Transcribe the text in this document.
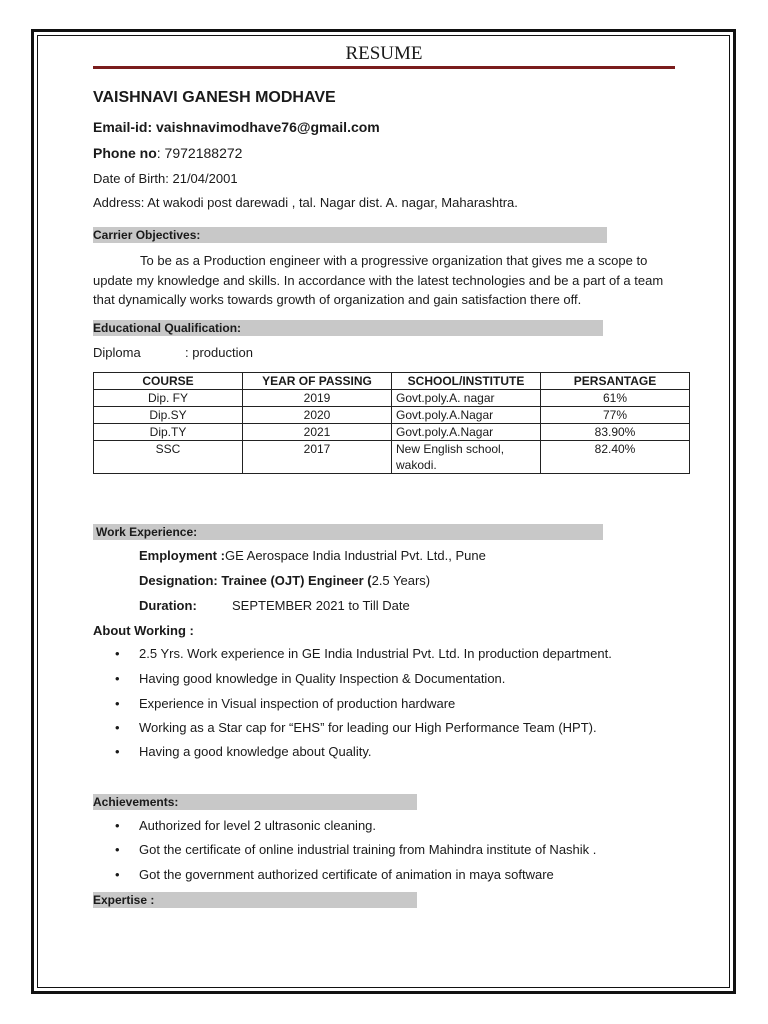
RESUME
VAISHNAVI GANESH MODHAVE
Email-id: vaishnavimodhave76@gmail.com
Phone no: 7972188272
Date of Birth: 21/04/2001
Address: At wakodi post darewadi , tal. Nagar dist. A. nagar, Maharashtra.
Carrier Objectives:
To be as a Production engineer with a progressive organization that gives me a scope to update my knowledge and skills. In accordance with the latest technologies and be a part of a team that dynamically works towards growth of organization and gain satisfaction there off.
Educational Qualification:
Diploma	: production
COURSE	YEAR OF PASSING	SCHOOL/INSTITUTE	PERSANTAGE
Dip. FY	2019	Govt.poly.A. nagar	61%
Dip.SY	2020	Govt.poly.A.Nagar	77%
Dip.TY	2021	Govt.poly.A.Nagar	83.90%
SSC	2017	New English school, wakodi.	82.40%
Work Experience:
Employment :GE Aerospace India Industrial Pvt. Ltd., Pune
Designation: Trainee (OJT) Engineer (2.5 Years)
Duration:	SEPTEMBER 2021 to Till Date
About Working :
• 2.5 Yrs. Work experience in GE India Industrial Pvt. Ltd. In production department.
• Having good knowledge in Quality Inspection & Documentation.
• Experience in Visual inspection of production hardware
• Working as a Star cap for “EHS” for leading our High Performance Team (HPT).
• Having a good knowledge about Quality.
Achievements:
• Authorized for level 2 ultrasonic cleaning.
• Got the certificate of online industrial training from Mahindra institute of Nashik .
• Got the government authorized certificate of animation in maya software
Expertise :
